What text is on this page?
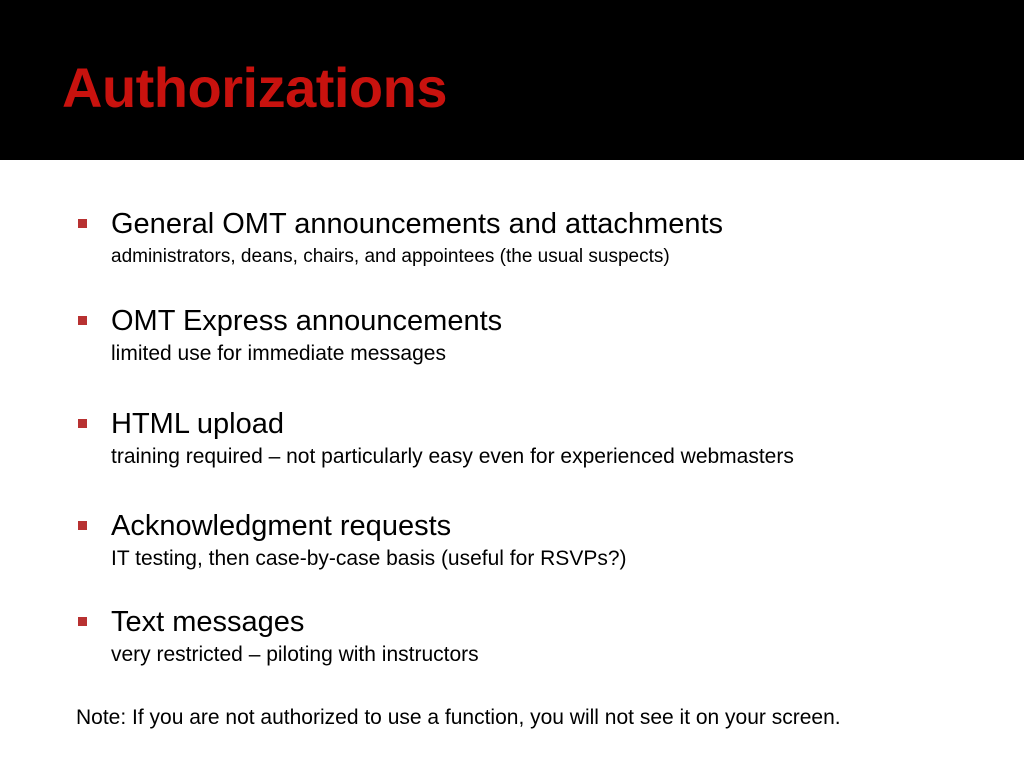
Authorizations
General OMT announcements and attachments
administrators, deans, chairs, and appointees (the usual suspects)
OMT Express announcements
limited use for immediate messages
HTML upload
training required – not particularly easy even for experienced webmasters
Acknowledgment requests
IT testing, then case-by-case basis (useful for RSVPs?)
Text messages
very restricted – piloting with instructors
Note: If you are not authorized to use a function, you will not see it on your screen.
